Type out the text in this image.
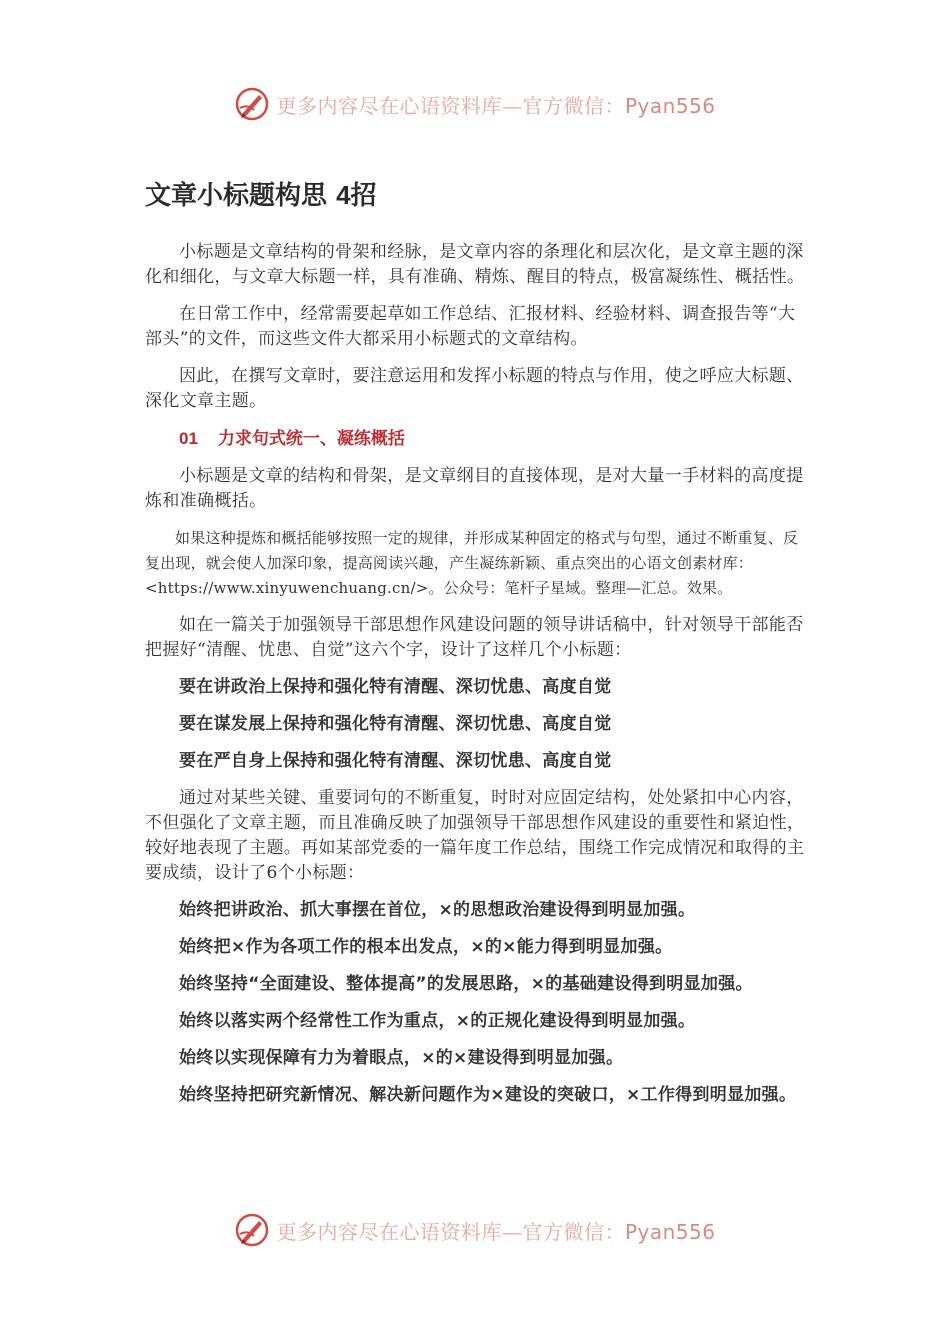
更多内容尽在心语资料库—官方微信：Pyan556
文章小标题构思 4招

小标题是文章结构的骨架和经脉，是文章内容的条理化和层次化，是文章主题的深化和细化，与文章大标题一样，具有准确、精炼、醒目的特点，极富凝练性、概括性。

在日常工作中，经常需要起草如工作总结、汇报材料、经验材料、调查报告等“大部头”的文件，而这些文件大都采用小标题式的文章结构。

因此，在撰写文章时，要注意运用和发挥小标题的特点与作用，使之呼应大标题、深化文章主题。

01 力求句式统一、凝练概括

小标题是文章的结构和骨架，是文章纲目的直接体现，是对大量一手材料的高度提炼和准确概括。

如果这种提炼和概括能够按照一定的规律，并形成某种固定的格式与句型，通过不断重复、反复出现，就会使人加深印象，提高阅读兴趣，产生凝练新颖、重点突出的心语文创素材库：<https://www.xinyuwenchuang.cn/>。公众号：笔杆子星域。整理—汇总。效果。

如在一篇关于加强领导干部思想作风建设问题的领导讲话稿中，针对领导干部能否把握好“清醒、忧患、自觉”这六个字，设计了这样几个小标题：

要在讲政治上保持和强化特有清醒、深切忧患、高度自觉

要在谋发展上保持和强化特有清醒、深切忧患、高度自觉

要在严自身上保持和强化特有清醒、深切忧患、高度自觉

通过对某些关键、重要词句的不断重复，时时对应固定结构，处处紧扣中心内容，不但强化了文章主题，而且准确反映了加强领导干部思想作风建设的重要性和紧迫性，较好地表现了主题。再如某部党委的一篇年度工作总结，围绕工作完成情况和取得的主要成绩，设计了6个小标题：

始终把讲政治、抓大事摆在首位，×的思想政治建设得到明显加强。

始终把×作为各项工作的根本出发点，×的×能力得到明显加强。

始终坚持“全面建设、整体提高”的发展思路，×的基础建设得到明显加强。

始终以落实两个经常性工作为重点，×的正规化建设得到明显加强。

始终以实现保障有力为着眼点，×的×建设得到明显加强。

始终坚持把研究新情况、解决新问题作为×建设的突破口，×工作得到明显加强。

更多内容尽在心语资料库—官方微信：Pyan556
